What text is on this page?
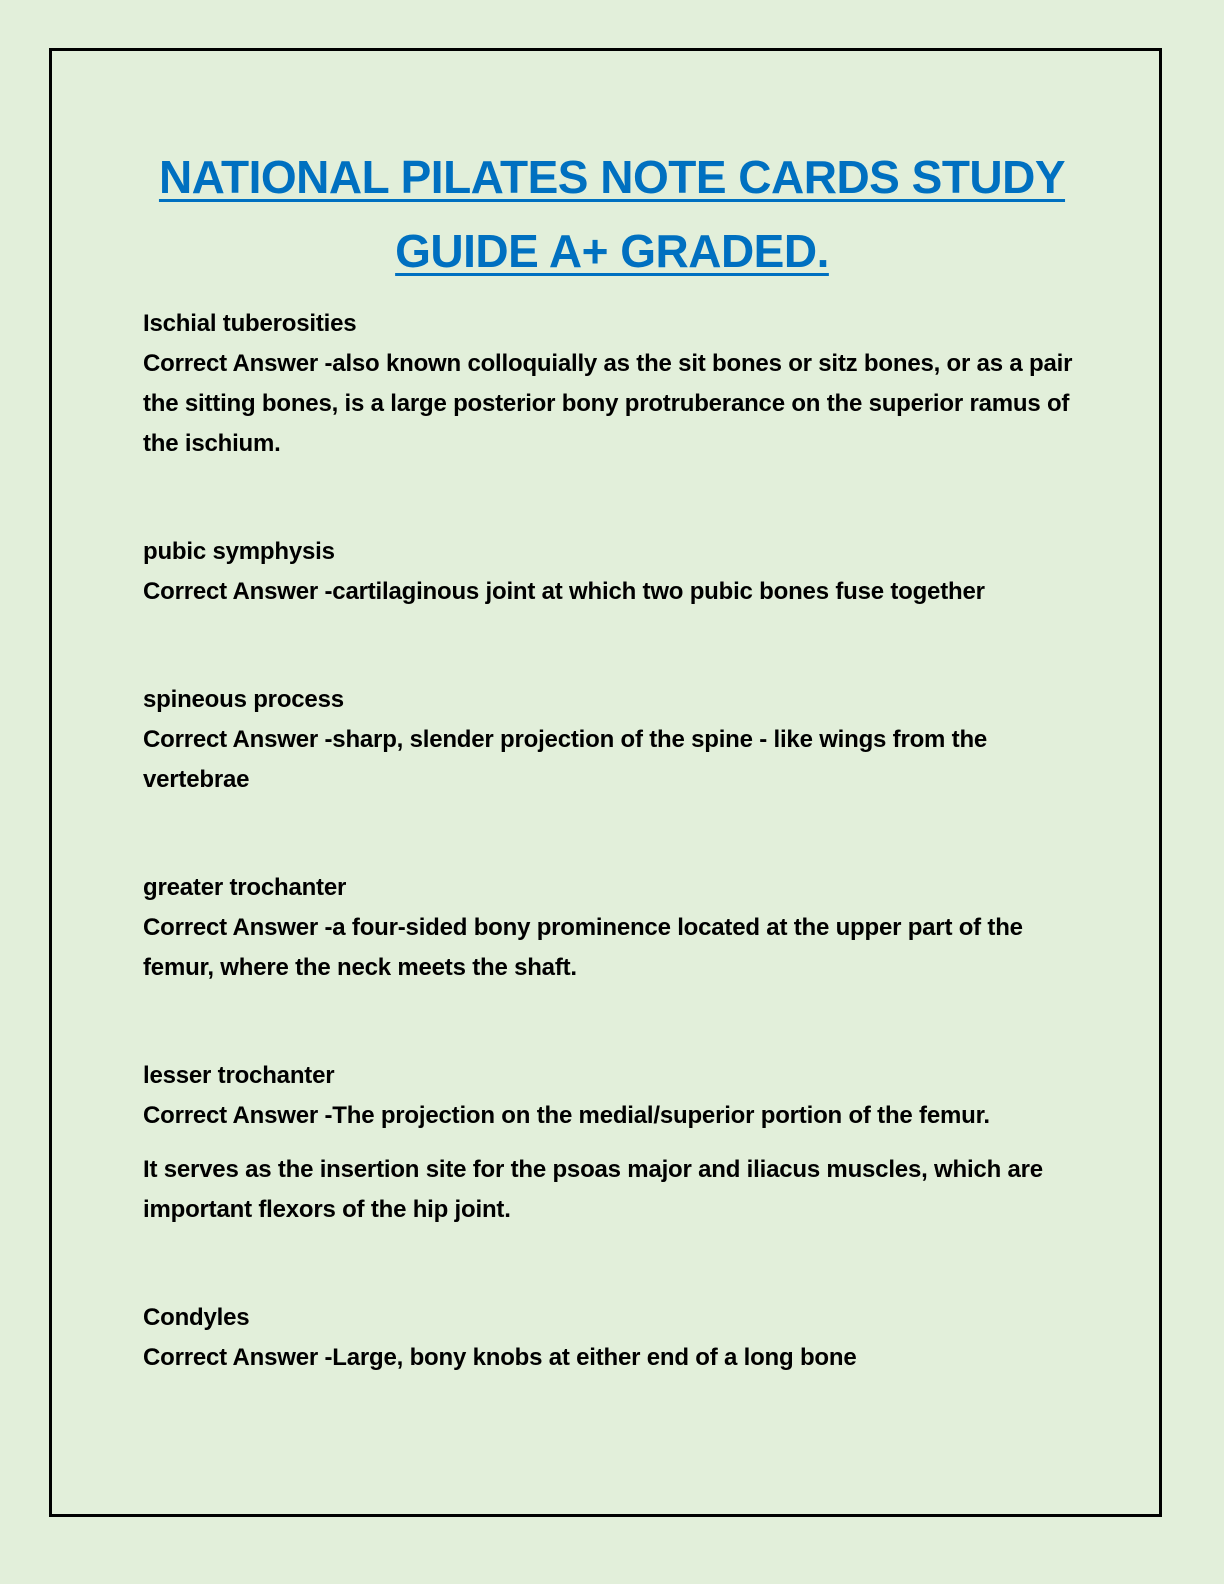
NATIONAL PILATES NOTE CARDS STUDY
GUIDE A+ GRADED.

Ischial tuberosities

Correct Answer -also known colloquially as the sit bones or sitz bones, or as a pair the sitting bones, is a large posterior bony protruberance on the superior ramus of the ischium.

pubic symphysis

Correct Answer -cartilaginous joint at which two pubic bones fuse together

spineous process

Correct Answer -sharp, slender projection of the spine - like wings from the vertebrae

greater trochanter

Correct Answer -a four-sided bony prominence located at the upper part of the femur, where the neck meets the shaft.

lesser trochanter

Correct Answer -The projection on the medial/superior portion of the femur.

It serves as the insertion site for the psoas major and iliacus muscles, which are important flexors of the hip joint.

Condyles

Correct Answer -Large, bony knobs at either end of a long bone
